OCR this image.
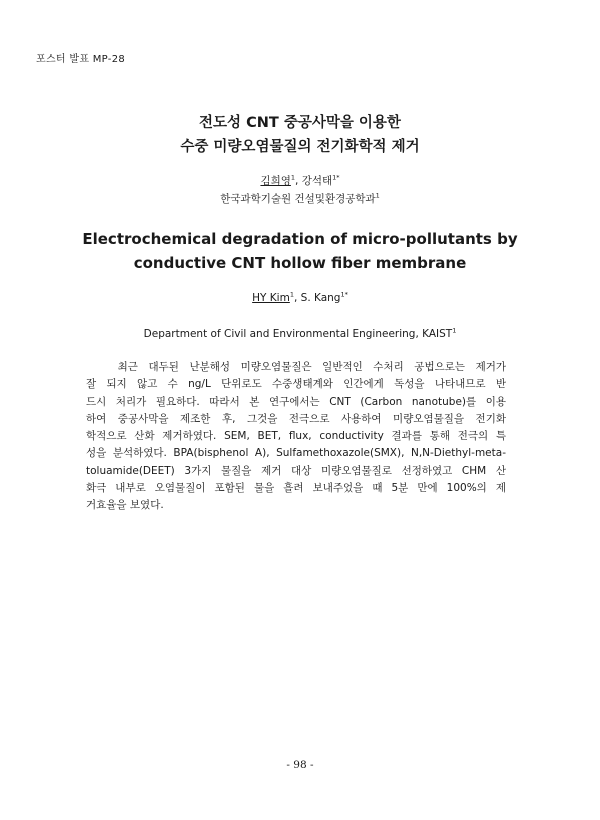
포스터 발표 MP-28
전도성 CNT 중공사막을 이용한
수중 미량오염물질의 전기화학적 제거
김희영$^1$, 강석태$^{1*}$
한국과학기술원 건설및환경공학과$^1$
Electrochemical degradation of micro-pollutants by
conductive CNT hollow fiber membrane
HY Kim$^1$, S. Kang$^{1*}$
Department of Civil and Environmental Engineering, KAIST$^1$

최근 대두된 난분해성 미량오염물질은 일반적인 수처리 공법으로는 제거가

잘 되지 않고 수 ng/L 단위로도 수중생태계와 인간에게 독성을 나타내므로 반

드시 처리가 필요하다. 따라서 본 연구에서는 CNT (Carbon nanotube)를 이용

하여 중공사막을 제조한 후, 그것을 전극으로 사용하여 미량오염물질을 전기화

학적으로 산화 제거하였다. SEM, BET, flux, conductivity 결과를 통해 전극의 특

성을 분석하였다. BPA(bisphenol A), Sulfamethoxazole(SMX), N,N-Diethyl-meta-

toluamide(DEET) 3가지 물질을 제거 대상 미량오염물질로 선정하였고 CHM 산

화극 내부로 오염물질이 포함된 물을 흘려 보내주었을 때 5분 만에 100%의 제

거효율을 보였다.

- 98 -
